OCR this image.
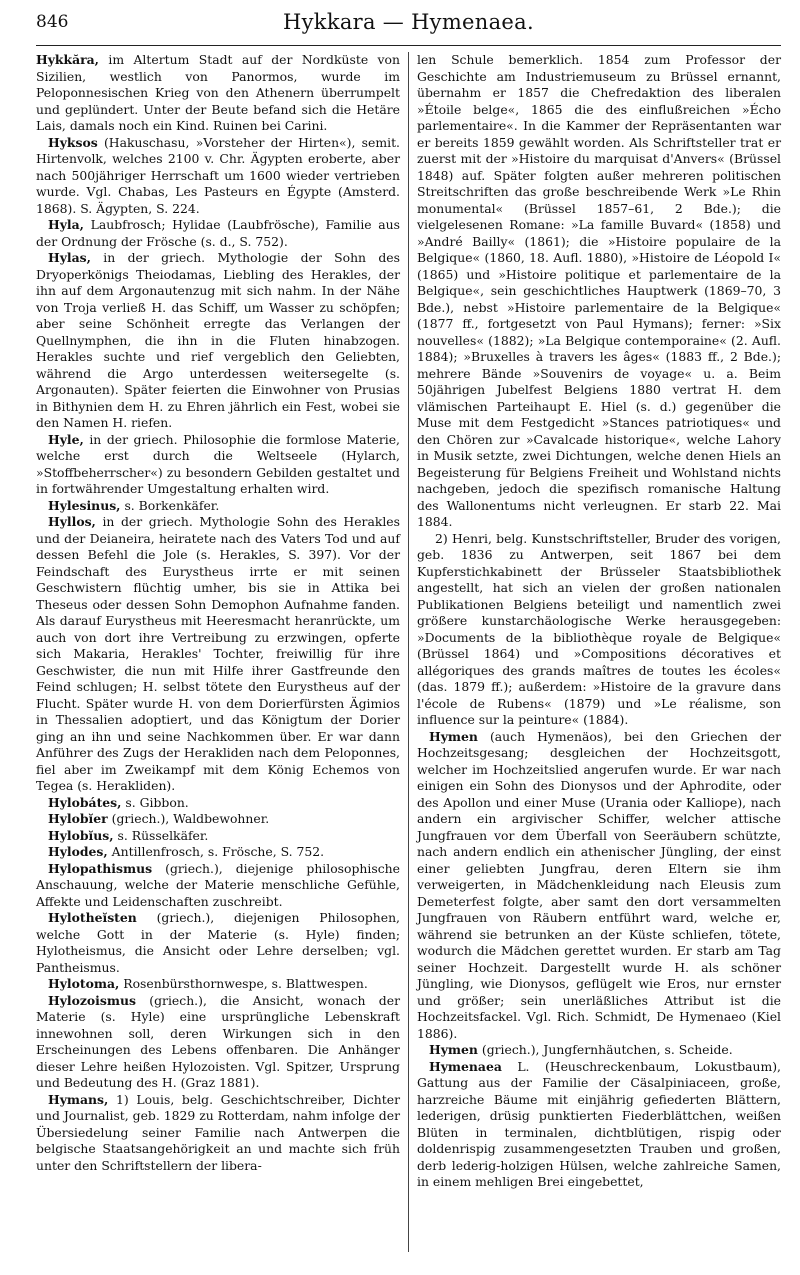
846	Hykkara — Hymenaea.

Hykkăra, im Altertum Stadt auf der Nordküste von Sizilien, westlich von Panormos, wurde im Peloponnesischen Krieg von den Athenern überrumpelt und geplündert. Unter der Beute befand sich die Hetäre Lais, damals noch ein Kind. Ruinen bei Carini.

Hyksos (Hakuschasu, »Vorsteher der Hirten«), semit. Hirtenvolk, welches 2100 v. Chr. Ägypten eroberte, aber nach 500jähriger Herrschaft um 1600 wieder vertrieben wurde. Vgl. Chabas, Les Pasteurs en Égypte (Amsterd. 1868). S. Ägypten, S. 224.

Hyla, Laubfrosch; Hylidae (Laubfrösche), Familie aus der Ordnung der Frösche (s. d., S. 752).

Hylas, in der griech. Mythologie der Sohn des Dryoperkönigs Theiodamas, Liebling des Herakles, der ihn auf dem Argonautenzug mit sich nahm. In der Nähe von Troja verließ H. das Schiff, um Wasser zu schöpfen; aber seine Schönheit erregte das Verlangen der Quellnymphen, die ihn in die Fluten hinabzogen. Herakles suchte und rief vergeblich den Geliebten, während die Argo unterdessen weitersegelte (s. Argonauten). Später feierten die Einwohner von Prusias in Bithynien dem H. zu Ehren jährlich ein Fest, wobei sie den Namen H. riefen.

Hyle, in der griech. Philosophie die formlose Materie, welche erst durch die Weltseele (Hylarch, »Stoffbeherrscher«) zu besondern Gebilden gestaltet und in fortwährender Umgestaltung erhalten wird.

Hylesinus, s. Borkenkäfer.

Hyllos, in der griech. Mythologie Sohn des Herakles und der Deianeira, heiratete nach des Vaters Tod und auf dessen Befehl die Jole (s. Herakles, S. 397). Vor der Feindschaft des Eurystheus irrte er mit seinen Geschwistern flüchtig umher, bis sie in Attika bei Theseus oder dessen Sohn Demophon Aufnahme fanden. Als darauf Eurystheus mit Heeresmacht heranrückte, um auch von dort ihre Vertreibung zu erzwingen, opferte sich Makaria, Herakles' Tochter, freiwillig für ihre Geschwister, die nun mit Hilfe ihrer Gastfreunde den Feind schlugen; H. selbst tötete den Eurystheus auf der Flucht. Später wurde H. von dem Dorierfürsten Ägimios in Thessalien adoptiert, und das Königtum der Dorier ging an ihn und seine Nachkommen über. Er war dann Anführer des Zugs der Herakliden nach dem Peloponnes, fiel aber im Zweikampf mit dem König Echemos von Tegea (s. Herakliden).

Hylobátes, s. Gibbon.

Hylobĭer (griech.), Waldbewohner.

Hylobĭus, s. Rüsselkäfer.

Hylodes, Antillenfrosch, s. Frösche, S. 752.

Hylopathismus (griech.), diejenige philosophische Anschauung, welche der Materie menschliche Gefühle, Affekte und Leidenschaften zuschreibt.

Hylotheĭsten (griech.), diejenigen Philosophen, welche Gott in der Materie (s. Hyle) finden; Hylotheismus, die Ansicht oder Lehre derselben; vgl. Pantheismus.

Hylotoma, Rosenbürsthornwespe, s. Blattwespen.

Hylozoismus (griech.), die Ansicht, wonach der Materie (s. Hyle) eine ursprüngliche Lebenskraft innewohnen soll, deren Wirkungen sich in den Erscheinungen des Lebens offenbaren. Die Anhänger dieser Lehre heißen Hylozoisten. Vgl. Spitzer, Ursprung und Bedeutung des H. (Graz 1881).

Hymans, 1) Louis, belg. Geschichtschreiber, Dichter und Journalist, geb. 1829 zu Rotterdam, nahm infolge der Übersiedelung seiner Familie nach Antwerpen die belgische Staatsangehörigkeit an und machte sich früh unter den Schriftstellern der libera-

len Schule bemerklich. 1854 zum Professor der Geschichte am Industriemuseum zu Brüssel ernannt, übernahm er 1857 die Chefredaktion des liberalen »Étoile belge«, 1865 die des einflußreichen »Écho parlementaire«. In die Kammer der Repräsentanten war er bereits 1859 gewählt worden. Als Schriftsteller trat er zuerst mit der »Histoire du marquisat d'Anvers« (Brüssel 1848) auf. Später folgten außer mehreren politischen Streitschriften das große beschreibende Werk »Le Rhin monumental« (Brüssel 1857–61, 2 Bde.); die vielgelesenen Romane: »La famille Buvard« (1858) und »André Bailly« (1861); die »Histoire populaire de la Belgique« (1860, 18. Aufl. 1880), »Histoire de Léopold I« (1865) und »Histoire politique et parlementaire de la Belgique«, sein geschichtliches Hauptwerk (1869–70, 3 Bde.), nebst »Histoire parlementaire de la Belgique« (1877 ff., fortgesetzt von Paul Hymans); ferner: »Six nouvelles« (1882); »La Belgique contemporaine« (2. Aufl. 1884); »Bruxelles à travers les âges« (1883 ff., 2 Bde.); mehrere Bände »Souvenirs de voyage« u. a. Beim 50jährigen Jubelfest Belgiens 1880 vertrat H. dem vlämischen Parteihaupt E. Hiel (s. d.) gegenüber die Muse mit dem Festgedicht »Stances patriotiques« und den Chören zur »Cavalcade historique«, welche Lahory in Musik setzte, zwei Dichtungen, welche denen Hiels an Begeisterung für Belgiens Freiheit und Wohlstand nichts nachgeben, jedoch die spezifisch romanische Haltung des Wallonentums nicht verleugnen. Er starb 22. Mai 1884.

2) Henri, belg. Kunstschriftsteller, Bruder des vorigen, geb. 1836 zu Antwerpen, seit 1867 bei dem Kupferstichkabinett der Brüsseler Staatsbibliothek angestellt, hat sich an vielen der großen nationalen Publikationen Belgiens beteiligt und namentlich zwei größere kunstarchäologische Werke herausgegeben: »Documents de la bibliothèque royale de Belgique« (Brüssel 1864) und »Compositions décoratives et allégoriques des grands maîtres de toutes les écoles« (das. 1879 ff.); außerdem: »Histoire de la gravure dans l'école de Rubens« (1879) und »Le réalisme, son influence sur la peinture« (1884).

Hymen (auch Hymenäos), bei den Griechen der Hochzeitsgesang; desgleichen der Hochzeitsgott, welcher im Hochzeitslied angerufen wurde. Er war nach einigen ein Sohn des Dionysos und der Aphrodite, oder des Apollon und einer Muse (Urania oder Kalliope), nach andern ein argivischer Schiffer, welcher attische Jungfrauen vor dem Überfall von Seeräubern schützte, nach andern endlich ein athenischer Jüngling, der einst einer geliebten Jungfrau, deren Eltern sie ihm verweigerten, in Mädchenkleidung nach Eleusis zum Demeterfest folgte, aber samt den dort versammelten Jungfrauen von Räubern entführt ward, welche er, während sie betrunken an der Küste schliefen, tötete, wodurch die Mädchen gerettet wurden. Er starb am Tag seiner Hochzeit. Dargestellt wurde H. als schöner Jüngling, wie Dionysos, geflügelt wie Eros, nur ernster und größer; sein unerläßliches Attribut ist die Hochzeitsfackel. Vgl. Rich. Schmidt, De Hymenaeo (Kiel 1886).

Hymen (griech.), Jungfernhäutchen, s. Scheide.

Hymenaea L. (Heuschreckenbaum, Lokustbaum), Gattung aus der Familie der Cäsalpiniaceen, große, harzreiche Bäume mit einjährig gefiederten Blättern, lederigen, drüsig punktierten Fiederblättchen, weißen Blüten in terminalen, dichtblütigen, rispig oder doldenrispig zusammengesetzten Trauben und großen, derb lederig-holzigen Hülsen, welche zahlreiche Samen, in einem mehligen Brei eingebettet,
